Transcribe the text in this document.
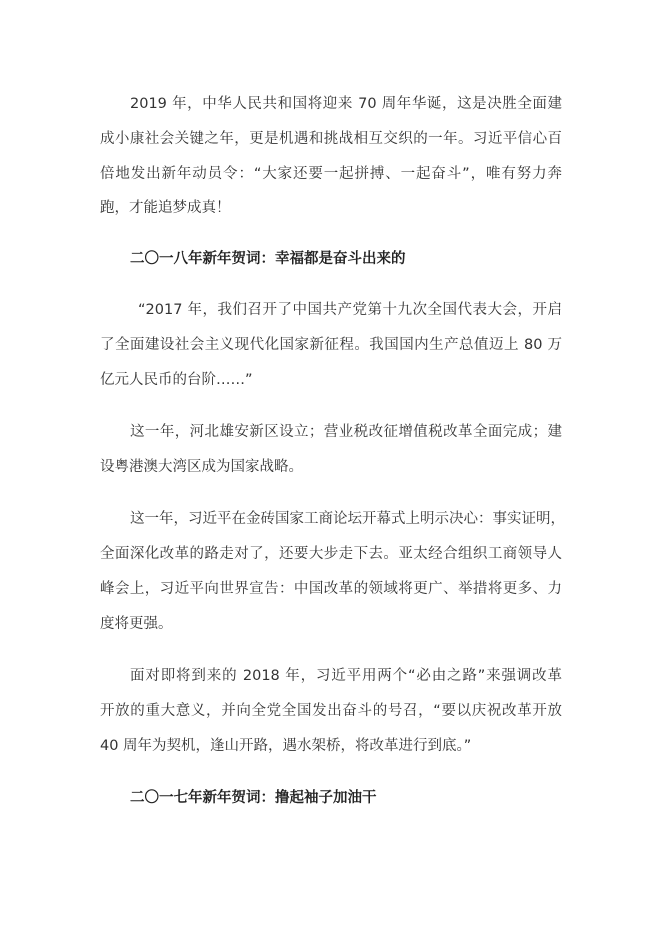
2019 年，中华人民共和国将迎来 70 周年华诞，这是决胜全面建
成小康社会关键之年，更是机遇和挑战相互交织的一年。习近平信心百
倍地发出新年动员令：“大家还要一起拼搏、一起奋斗”，唯有努力奔
跑，才能追梦成真！
二〇一八年新年贺词：幸福都是奋斗出来的
“2017 年，我们召开了中国共产党第十九次全国代表大会，开启
了全面建设社会主义现代化国家新征程。我国国内生产总值迈上 80 万
亿元人民币的台阶……”
这一年，河北雄安新区设立；营业税改征增值税改革全面完成；建
设粤港澳大湾区成为国家战略。
这一年，习近平在金砖国家工商论坛开幕式上明示决心：事实证明，
全面深化改革的路走对了，还要大步走下去。亚太经合组织工商领导人
峰会上，习近平向世界宣告：中国改革的领域将更广、举措将更多、力
度将更强。
面对即将到来的 2018 年，习近平用两个“必由之路”来强调改革
开放的重大意义，并向全党全国发出奋斗的号召，“要以庆祝改革开放
40 周年为契机，逢山开路，遇水架桥，将改革进行到底。”
二〇一七年新年贺词：撸起袖子加油干
